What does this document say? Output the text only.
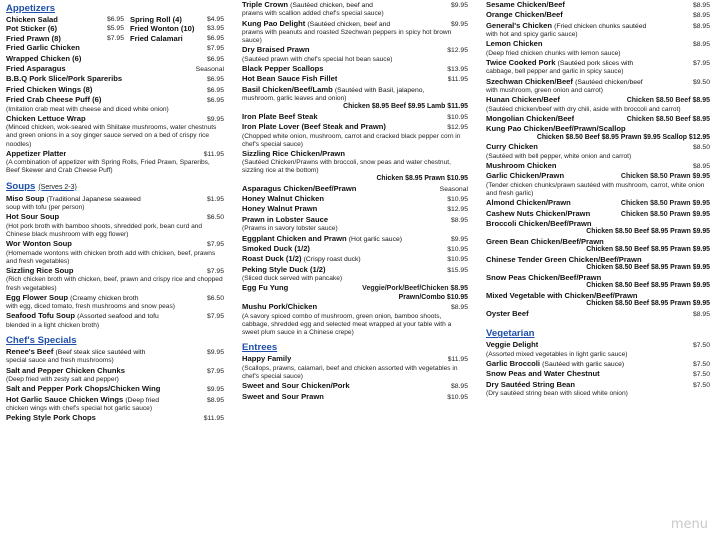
Appetizers
Chicken Salad	$6.95 Spring Roll (4)	$4.95
Pot Sticker (6)	$5.95 Fried Wonton (10) $3.95
Fried Prawn (8)	$7.95 Fried Calamari	$6.95
Fried Garlic Chicken	$7.95
Wrapped Chicken (6)	$6.95
Fried Asparagus	Seasonal
B.B.Q Pork Slice/Pork Spareribs	$6.95
Fried Chicken Wings (8)	$6.95
Fried Crab Cheese Puff (6)	$6.95
(Imitation crab meat with cheese and diced white onion)
Chicken Lettuce Wrap	$9.95
(Minced chicken, wok-seared with Shiitake mushrooms, water chestnuts and green onions in a soy ginger sauce served on a bed of crispy rice noodles)
Appetizer Platter	$11.95
(A combination of appetizer with Spring Rolls, Fried Prawn, Spareribs, Beef Skewer and Crab Cheese Puff)
Soups (Serves 2-3)
Miso Soup (Traditional Japanese seaweed	$1.95
soup with tofu (per person)
Hot Sour Soup	$6.50
(Hot pork broth with bamboo shoots, shredded pork, bean curd and Chinese black mushroom with egg flower)
Wor Wonton Soup	$7.95
(Homemade wontons with chicken broth add with chicken, beef, prawns and fresh vegetables)
Sizzling Rice Soup	$7.95
(Rich chicken broth with chicken, beef, prawn and crispy rice and chopped fresh vegetables)
Egg Flower Soup (Creamy chicken broth	$6.50
with egg, diced tomato, fresh mushrooms and snow peas)
Seafood Tofu Soup (Assorted seafood and tofu	$7.95
blended in a light chicken broth)
Chef's Specials
Renee's Beef (Beef steak slice sautéed with	$9.95
special sauce and fresh mushrooms)
Salt and Pepper Chicken Chunks	$7.95
(Deep fried with zesty salt and pepper)
Salt and Pepper Pork Chops/Chicken Wing	$9.95
Hot Garlic Sauce Chicken Wings (Deep fried	$8.95
chicken wings with chef's special hot garlic sauce)
Peking Style Pork Chops	$11.95
Triple Crown (Sautéed chicken, beef and	$9.95
prawns with scallion added chef's special sauce)
Kung Pao Delight (Sautéed chicken, beef and	$9.95
prawns with peanuts and roasted Szechwan peppers in spicy hot brown sauce)
Dry Braised Prawn	$12.95
(Sautéed prawn with chef's special hot bean sauce)
Black Pepper Scallops	$13.95
Hot Bean Sauce Fish Fillet	$11.95
Basil Chicken/Beef/Lamb (Sautéed with Basil, jalapeno,
mushroom, garlic leaves and onion)
Chicken $8.95 Beef $9.95 Lamb $11.95
Iron Plate Beef Steak	$10.95
Iron Plate Lover (Beef Steak and Prawn)	$12.95
(Chopped white onion, mushroom, carrot and cracked black pepper corn in chef's special sauce)
Sizzling Rice Chicken/Prawn
(Sautéed Chicken/Prawns with broccoli, snow peas and water chestnut, sizzling rice at the bottom)
Chicken $8.95 Prawn $10.95
Asparagus Chicken/Beef/Prawn	Seasonal
Honey Walnut Chicken	$10.95
Honey Walnut Prawn	$12.95
Prawn in Lobster Sauce	$8.95
(Prawns in savory lobster sauce)
Eggplant Chicken and Prawn (Hot garlic sauce)	$9.95
Smoked Duck (1/2)	$10.95
Roast Duck (1/2) (Crispy roast duck)	$10.95
Peking Style Duck (1/2)	$15.95
(Sliced duck served with pancake)
Egg Fu Yung	Veggie/Pork/Beef/Chicken $8.95
Prawn/Combo $10.95
Mushu Pork/Chicken	$8.95
(A savory spiced combo of mushroom, green onion, bamboo shoots, cabbage, shredded egg and selected meat wrapped at your table with a sweet plum sauce in a Chinese crepe)
Entrees
Happy Family	$11.95
(Scallops, prawns, calamari, beef and chicken assorted with vegetables in chef's special sauce)
Sweet and Sour Chicken/Pork	$8.95
Sweet and Sour Prawn	$10.95
Sesame Chicken/Beef	$8.95
Orange Chicken/Beef	$8.95
General's Chicken (Fried chicken chunks sautéed	$8.95
with hot and spicy garlic sauce)
Lemon Chicken	$8.95
(Deep fried chicken chunks with lemon sauce)
Twice Cooked Pork (Sautéed pork slices with	$7.95
cabbage, bell pepper and garlic in spicy sauce)
Szechwan Chicken/Beef (Sautéed chicken/beef	$9.50
with mushroom, green onion and carrot)
Hunan Chicken/Beef	Chicken $8.50 Beef $8.95
(Sautéed chicken/beef with dry chili, aside with broccoli and carrot)
Mongolian Chicken/Beef	Chicken $8.50 Beef $8.95
Kung Pao Chicken/Beef/Prawn/Scallop
Chicken $8.50 Beef $8.95 Prawn $9.95 Scallop $12.95
Curry Chicken	$8.50
(Sautéed with bell pepper, white onion and carrot)
Mushroom Chicken	$8.95
Garlic Chicken/Prawn	Chicken $8.50 Prawn $9.95
(Tender chicken chunks/prawn sautéed with mushroom, carrot, white onion and fresh garlic)
Almond Chicken/Prawn	Chicken $8.50 Prawn $9.95
Cashew Nuts Chicken/Prawn	Chicken $8.50 Prawn $9.95
Broccoli Chicken/Beef/Prawn
Chicken $8.50 Beef $8.95 Prawn $9.95
Green Bean Chicken/Beef/Prawn
Chicken $8.50 Beef $8.95 Prawn $9.95
Chinese Tender Green Chicken/Beef/Prawn
Chicken $8.50 Beef $8.95 Prawn $9.95
Snow Peas Chicken/Beef/Prawn
Chicken $8.50 Beef $8.95 Prawn $9.95
Mixed Vegetable with Chicken/Beef/Prawn
Chicken $8.50 Beef $8.95 Prawn $9.95
Oyster Beef	$8.95
Vegetarian
Veggie Delight	$7.50
(Assorted mixed vegetables in light garlic sauce)
Garlic Broccoli (Sautéed with garlic sauce)	$7.50
Snow Peas and Water Chestnut	$7.50
Dry Sautéed String Bean	$7.50
(Dry sautéed string bean with sliced white onion)
menu
